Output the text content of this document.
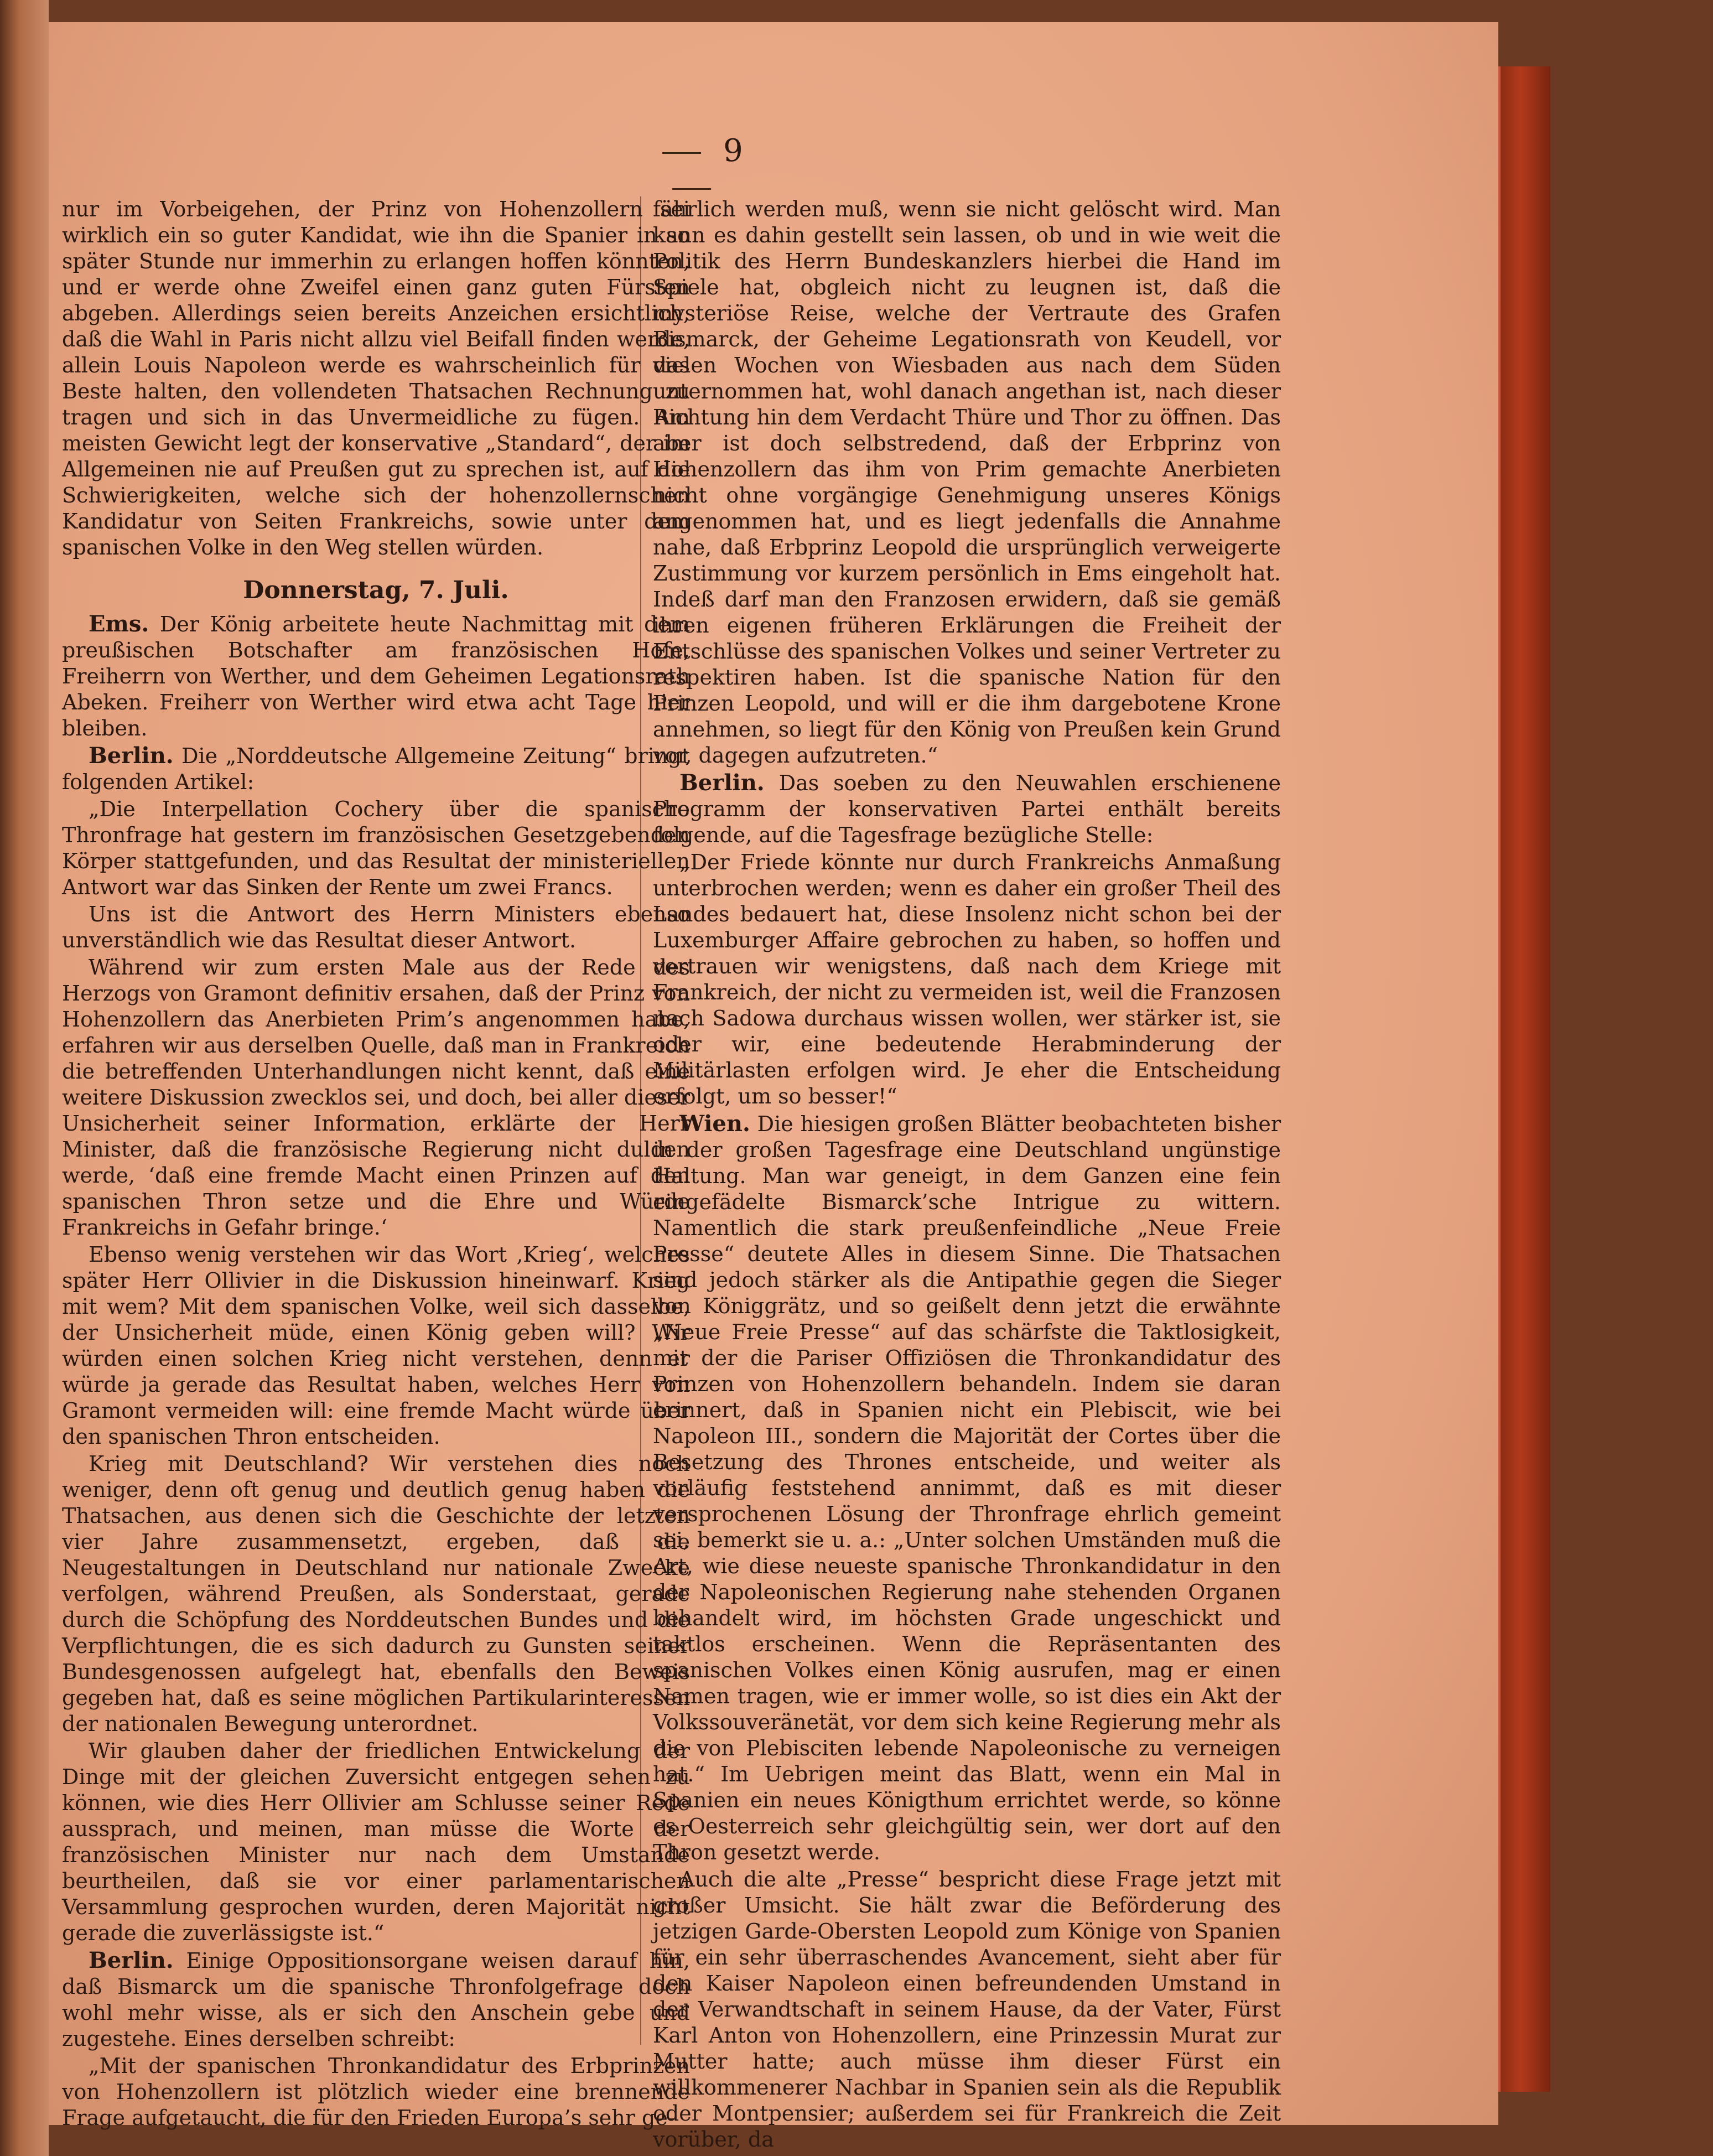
9

nur im Vorbeigehen, der Prinz von Hohenzollern sei wirklich ein so guter Kandidat, wie ihn die Spanier in so später Stunde nur immerhin zu erlangen hoffen könnten, und er werde ohne Zweifel einen ganz guten Fürsten abgeben. Allerdings seien bereits Anzeichen ersichtlich, daß die Wahl in Paris nicht allzu viel Beifall finden werde, allein Louis Napoleon werde es wahrscheinlich für das Beste halten, den vollendeten Thatsachen Rechnung zu tragen und sich in das Unvermeidliche zu fügen. Am meisten Gewicht legt der konservative „Standard“, der im Allgemeinen nie auf Preußen gut zu sprechen ist, auf die Schwierigkeiten, welche sich der hohenzollernschen Kandidatur von Seiten Frankreichs, sowie unter dem spanischen Volke in den Weg stellen würden.

Donnerstag, 7. Juli.

Ems. Der König arbeitete heute Nachmittag mit dem preußischen Botschafter am französischen Hofe, Freiherrn von Werther, und dem Geheimen Legationsrath Abeken. Freiherr von Werther wird etwa acht Tage hier bleiben.

Berlin. Die „Norddeutsche Allgemeine Zeitung“ bringt folgenden Artikel:

„Die Interpellation Cochery über die spanische Thronfrage hat gestern im französischen Gesetzgebenden Körper stattgefunden, und das Resultat der ministeriellen Antwort war das Sinken der Rente um zwei Francs.

Uns ist die Antwort des Herrn Ministers ebenso unverständlich wie das Resultat dieser Antwort.

Während wir zum ersten Male aus der Rede des Herzogs von Gramont definitiv ersahen, daß der Prinz von Hohenzollern das Anerbieten Prim’s angenommen habe, erfahren wir aus derselben Quelle, daß man in Frankreich die betreffenden Unterhandlungen nicht kennt, daß eine weitere Diskussion zwecklos sei, und doch, bei aller dieser Unsicherheit seiner Information, erklärte der Herr Minister, daß die französische Regierung nicht dulden werde, ‘daß eine fremde Macht einen Prinzen auf den spanischen Thron setze und die Ehre und Würde Frankreichs in Gefahr bringe.‘

Ebenso wenig verstehen wir das Wort ‚Krieg‘, welches später Herr Ollivier in die Diskussion hineinwarf. Krieg mit wem? Mit dem spanischen Volke, weil sich dasselbe, der Unsicherheit müde, einen König geben will? Wir würden einen solchen Krieg nicht verstehen, denn er würde ja gerade das Resultat haben, welches Herr von Gramont vermeiden will: eine fremde Macht würde über den spanischen Thron entscheiden.

Krieg mit Deutschland? Wir verstehen dies noch weniger, denn oft genug und deutlich genug haben die Thatsachen, aus denen sich die Geschichte der letzten vier Jahre zusammensetzt, ergeben, daß die Neugestaltungen in Deutschland nur nationale Zwecke verfolgen, während Preußen, als Sonderstaat, gerade durch die Schöpfung des Norddeutschen Bundes und die Verpflichtungen, die es sich dadurch zu Gunsten seiner Bundesgenossen aufgelegt hat, ebenfalls den Beweis gegeben hat, daß es seine möglichen Partikularinteressen der nationalen Bewegung unterordnet.

Wir glauben daher der friedlichen Entwickelung der Dinge mit der gleichen Zuversicht entgegen sehen zu können, wie dies Herr Ollivier am Schlusse seiner Rede aussprach, und meinen, man müsse die Worte der französischen Minister nur nach dem Umstande beurtheilen, daß sie vor einer parlamentarischen Versammlung gesprochen wurden, deren Majorität nicht gerade die zuverlässigste ist.“

Berlin. Einige Oppositionsorgane weisen darauf hin, daß Bismarck um die spanische Thronfolgefrage doch wohl mehr wisse, als er sich den Anschein gebe und zugestehe. Eines derselben schreibt:

„Mit der spanischen Thronkandidatur des Erbprinzen von Hohenzollern ist plötzlich wieder eine brennende Frage aufgetaucht, die für den Frieden Europa’s sehr ge-

fährlich werden muß, wenn sie nicht gelöscht wird. Man kann es dahin gestellt sein lassen, ob und in wie weit die Politik des Herrn Bundeskanzlers hierbei die Hand im Spiele hat, obgleich nicht zu leugnen ist, daß die mysteriöse Reise, welche der Vertraute des Grafen Bismarck, der Geheime Legationsrath von Keudell, vor vielen Wochen von Wiesbaden aus nach dem Süden unternommen hat, wohl danach angethan ist, nach dieser Richtung hin dem Verdacht Thüre und Thor zu öffnen. Das aber ist doch selbstredend, daß der Erbprinz von Hohenzollern das ihm von Prim gemachte Anerbieten nicht ohne vorgängige Genehmigung unseres Königs angenommen hat, und es liegt jedenfalls die Annahme nahe, daß Erbprinz Leopold die ursprünglich verweigerte Zustimmung vor kurzem persönlich in Ems eingeholt hat. Indeß darf man den Franzosen erwidern, daß sie gemäß ihren eigenen früheren Erklärungen die Freiheit der Entschlüsse des spanischen Volkes und seiner Vertreter zu respektiren haben. Ist die spanische Nation für den Prinzen Leopold, und will er die ihm dargebotene Krone annehmen, so liegt für den König von Preußen kein Grund vor, dagegen aufzutreten.“

Berlin. Das soeben zu den Neuwahlen erschienene Programm der konservativen Partei enthält bereits folgende, auf die Tagesfrage bezügliche Stelle:

„Der Friede könnte nur durch Frankreichs Anmaßung unterbrochen werden; wenn es daher ein großer Theil des Landes bedauert hat, diese Insolenz nicht schon bei der Luxemburger Affaire gebrochen zu haben, so hoffen und vertrauen wir wenigstens, daß nach dem Kriege mit Frankreich, der nicht zu vermeiden ist, weil die Franzosen nach Sadowa durchaus wissen wollen, wer stärker ist, sie oder wir, eine bedeutende Herabminderung der Militärlasten erfolgen wird. Je eher die Entscheidung erfolgt, um so besser!“

Wien. Die hiesigen großen Blätter beobachteten bisher in der großen Tagesfrage eine Deutschland ungünstige Haltung. Man war geneigt, in dem Ganzen eine fein eingefädelte Bismarck’sche Intrigue zu wittern. Namentlich die stark preußenfeindliche „Neue Freie Presse“ deutete Alles in diesem Sinne. Die Thatsachen sind jedoch stärker als die Antipathie gegen die Sieger von Königgrätz, und so geißelt denn jetzt die erwähnte „Neue Freie Presse“ auf das schärfste die Taktlosigkeit, mit der die Pariser Offiziösen die Thronkandidatur des Prinzen von Hohenzollern behandeln. Indem sie daran erinnert, daß in Spanien nicht ein Plebiscit, wie bei Napoleon III., sondern die Majorität der Cortes über die Besetzung des Thrones entscheide, und weiter als vorläufig feststehend annimmt, daß es mit dieser versprochenen Lösung der Thronfrage ehrlich gemeint sei, bemerkt sie u. a.: „Unter solchen Umständen muß die Art, wie diese neueste spanische Thronkandidatur in den der Napoleonischen Regierung nahe stehenden Organen behandelt wird, im höchsten Grade ungeschickt und taktlos erscheinen. Wenn die Repräsentanten des spanischen Volkes einen König ausrufen, mag er einen Namen tragen, wie er immer wolle, so ist dies ein Akt der Volkssouveränetät, vor dem sich keine Regierung mehr als die von Plebisciten lebende Napoleonische zu verneigen hat.“ Im Uebrigen meint das Blatt, wenn ein Mal in Spanien ein neues Königthum errichtet werde, so könne es Oesterreich sehr gleichgültig sein, wer dort auf den Thron gesetzt werde.

Auch die alte „Presse“ bespricht diese Frage jetzt mit großer Umsicht. Sie hält zwar die Beförderung des jetzigen Garde-Obersten Leopold zum Könige von Spanien für ein sehr überraschendes Avancement, sieht aber für den Kaiser Napoleon einen befreundenden Umstand in der Verwandtschaft in seinem Hause, da der Vater, Fürst Karl Anton von Hohenzollern, eine Prinzessin Murat zur Mutter hatte; auch müsse ihm dieser Fürst ein willkommenerer Nachbar in Spanien sein als die Republik oder Montpensier; außerdem sei für Frankreich die Zeit vorüber, da
